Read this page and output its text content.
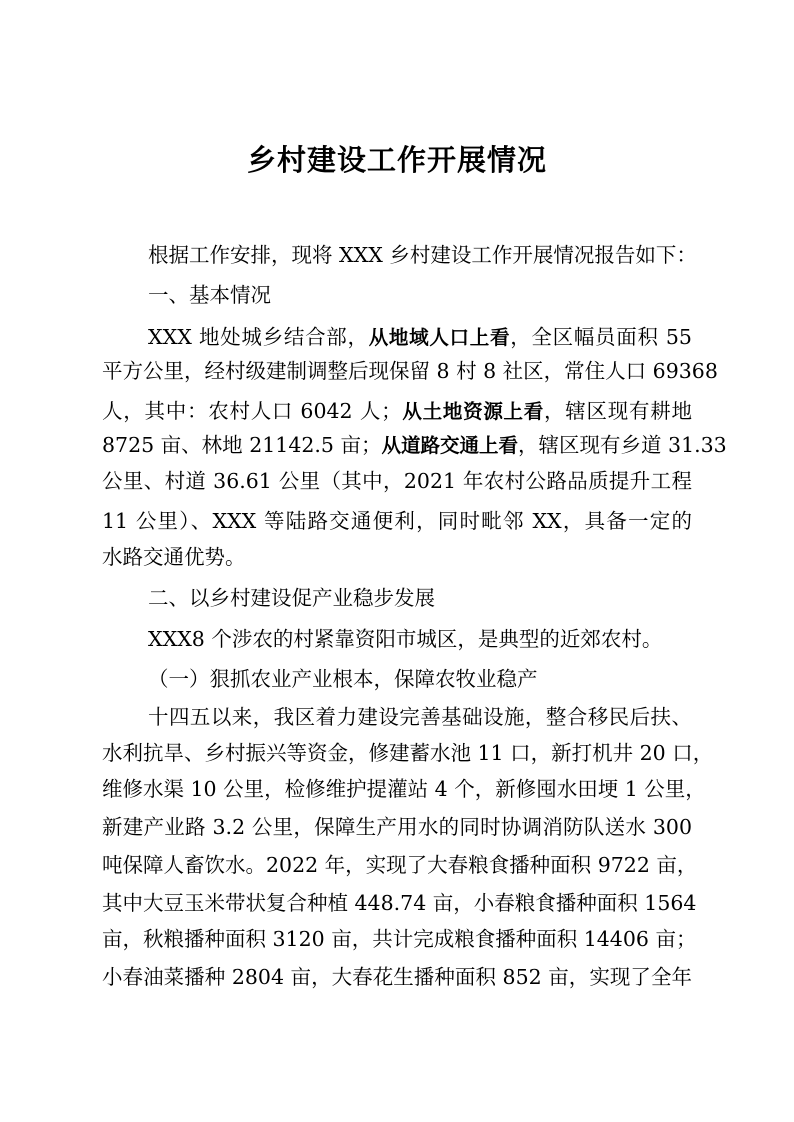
乡村建设工作开展情况
根据工作安排，现将 XXX 乡村建设工作开展情况报告如下：
一、基本情况
XXX 地处城乡结合部，从地域人口上看，全区幅员面积 55
平方公里，经村级建制调整后现保留 8 村 8 社区，常住人口 69368
人，其中：农村人口 6042 人；从土地资源上看，辖区现有耕地
8725 亩、林地 21142.5 亩；从道路交通上看，辖区现有乡道 31.33
公里、村道 36.61 公里（其中，2021 年农村公路品质提升工程
11 公里）、XXX 等陆路交通便利，同时毗邻 XX，具备一定的
水路交通优势。
二、以乡村建设促产业稳步发展
XXX8 个涉农的村紧靠资阳市城区，是典型的近郊农村。
（一）狠抓农业产业根本，保障农牧业稳产
十四五以来，我区着力建设完善基础设施，整合移民后扶、
水利抗旱、乡村振兴等资金，修建蓄水池 11 口，新打机井 20 口，
维修水渠 10 公里，检修维护提灌站 4 个，新修囤水田埂 1 公里，
新建产业路 3.2 公里，保障生产用水的同时协调消防队送水 300
吨保障人畜饮水。2022 年，实现了大春粮食播种面积 9722 亩，
其中大豆玉米带状复合种植 448.74 亩，小春粮食播种面积 1564
亩，秋粮播种面积 3120 亩，共计完成粮食播种面积 14406 亩；
小春油菜播种 2804 亩，大春花生播种面积 852 亩，实现了全年
